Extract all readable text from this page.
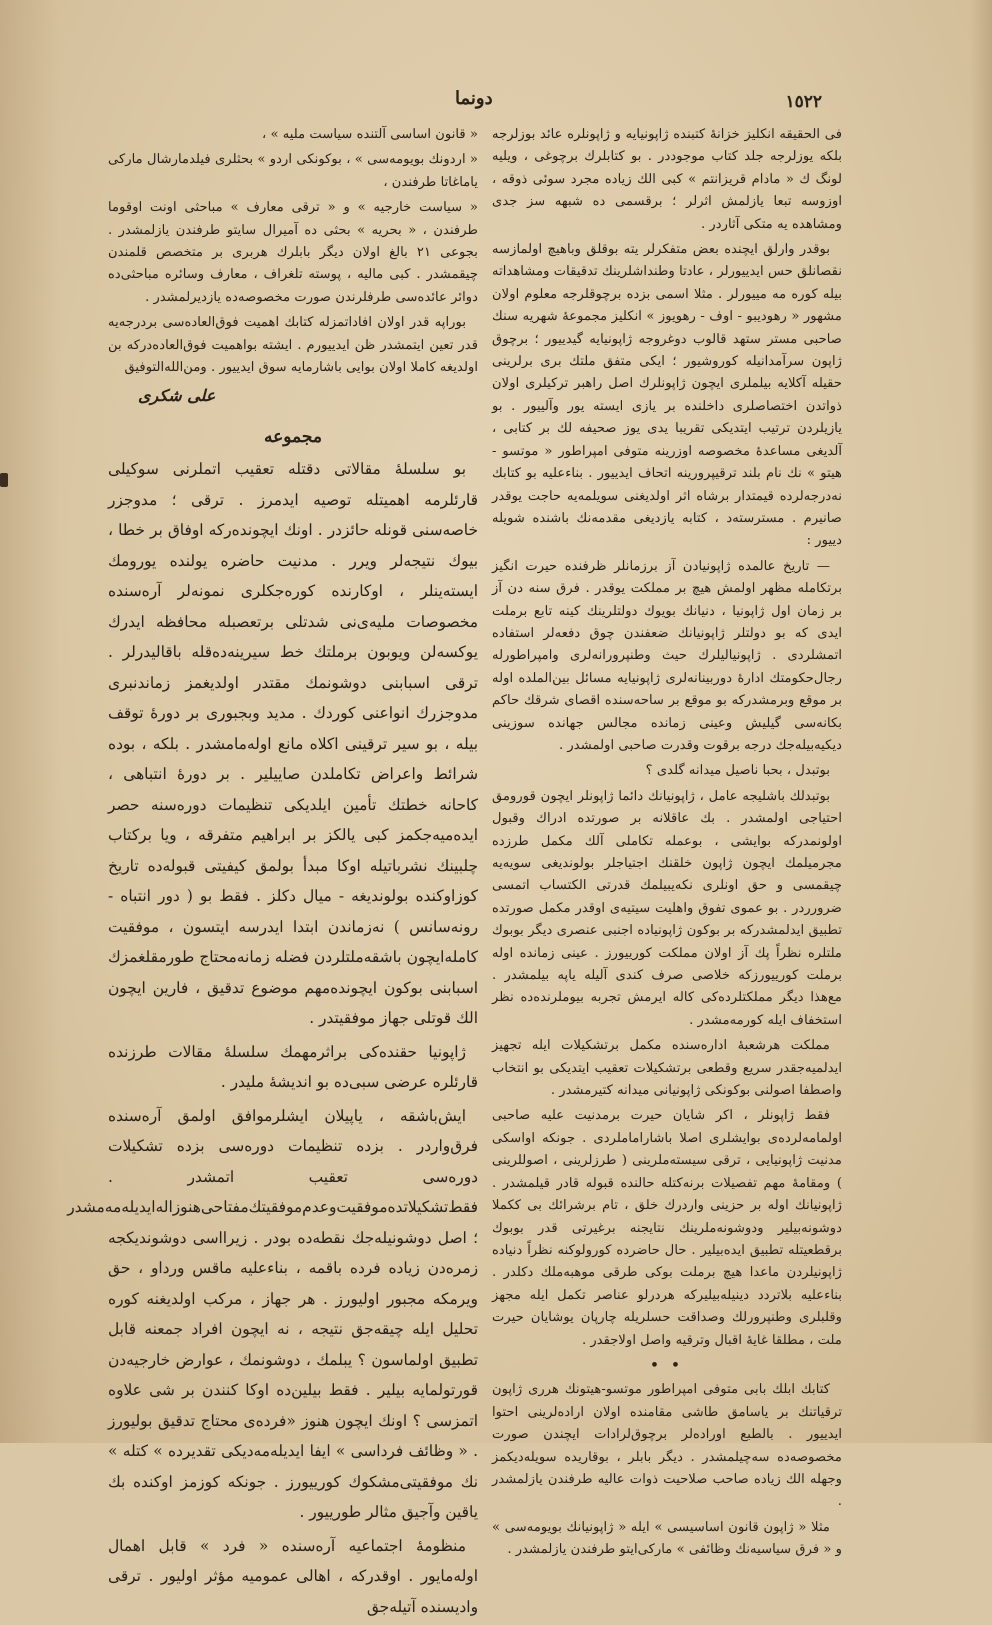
١٥٢٢
دونما

فى الحقیقه انكلیز خزانهٔ كتبنده ژاپونیایه و ژاپونلره عائد بوزلرجه بلكه یوزلرجه جلد كتاب موجوددر . بو كتابلرك برچوغی ، ویلیه لونگ ك « مادام قریزانتم » كبی الك زیاده مجرد سوئی ذوقه ، اوزوسه تبعا یازلمش اثرلر ؛ برقسمی ده شبهه سز جدی ومشاهده یه متكی آثاردر .

بوقدر وارلق ایچنده بعض متفكرلر یته بوقلق وباهیچ اولمازسه نقصانلق حس ایدییورلر ، عادتا وطنداشلرینك تدقیقات ومشاهداته بیله كوره مه مییورلر . مثلا اسمی بزده برچوقلرجه معلوم اولان مشهور « رهودیبو - اوف - رهویوز » انكلیز مجموعهٔ شهریه سنك صاحبی مستر ستهد قالوب دوغروجه ژاپونیایه گیدییور ؛ برچوق ژاپون سرآمدانیله كوروشیور ؛ ایكی متفق ملتك بری برلرینی حقیله آكلایه بیلملری ایچون ژاپونلرك اصل راهبر تركیلری اولان ذواتدن اختصاصلری داخلنده بر یازی ایسته یور وآلییور . بو یازیلردن ترتیب ایتدیكی تقریبا یدی یوز صحیفه لك بر كتابی ، آلدیغی مساعدهٔ مخصوصه اوزرینه متوفی امپراطور « موتسو - هیتو » نك نام بلند ترقیپرورینه اتحاف ایدییور . بناءعلیه بو كتابك نه‌درجه‌لرده قیمتدار برشاه اثر اولدیغنی سویلمه‌یه حاجت یوقدر صانیرم . مسترسته‌د ، كتابه یازدیغی مقدمه‌نك باشنده شویله دییور :

— تاریخ عالمده ژاپونیادن آز برزمانلر ظرفنده حیرت انگیز برتكامله مظهر اولمش هیچ بر مملكت یوقدر . فرق سنه دن آز بر زمان اول ژاپونیا ، دنیانك بویوك دولتلرینك كینه تابع برملت ایدی كه بو دولتلر ژاپونیانك ضعفندن چوق دفعه‌لر استفاده اتمشلردی . ژاپونیالیلرك حیث وطنپرورانه‌لری وامپراطورله رجال‌حكومتك ادارهٔ دوربینانه‌لری ژاپونیایه مسائل بین‌الملده اوله بر موقع وبرمشدركه بو موقع بر ساحه‌سنده اقصای شرقك حاكم بكانه‌سی گیلیش وعینی زمانده مجالس جهانده سوزینی دیكیه‌بیله‌جك درجه برقوت وقدرت صاحبی اولمشدر .

بوتبدل ، بحبا ناصیل میدانه گلدی ؟

بوتبدلك باشلیجه عامل ، ژاپونیانك دائما ژاپونلر ایچون قورومق احتیاجی اولمشدر . بك عاقلانه بر صورتده ادراك وقبول اولونمدركه بوایشی ، بوعمله تكاملی آلك مكمل طرزده مجرمیلمك ایچون ژاپون خلقنك اجتیاجلر بولوندیغی سویه‌یه چیقمسی و حق اونلری نكه‌یبیلمك قدرتی الكتساب اتمسی ضرورردر . بو عموی تفوق واهلیت سیتیه‌ی اوقدر مكمل صورتده تطبیق ایدلمشدركه بر بوكون ژاپونیاده اجنبی عنصری دیگر بوبوك ملتلره نظراً پك آز اولان مملكت كورییورز . عینی زمانده اوله برملت كورییورزكه خلاصی صرف كندی آلیله یاپه بیلمشدر . مع‌هذا دیگر مملكتلرده‌كی كاله ایرمش تجربه بیوملرنده‌ده نظر استخفاف ایله كورمه‌مشدر .

مملكت هرشعبهٔ اداره‌سنده مكمل برتشكیلات ایله تجهیز ایدلمیه‌جقدر سریع وقطعی برتشكیلات تعقیب ایتدیكی بو انتخاب واصطفا اصولنی بوكونكی ژاپونیانی میدانه كتیرمشدر .

فقط ژاپونلر ، اكر شایان حیرت برمدنیت علیه صاحبی اولمامه‌لرده‌ی بوایشلری اصلا باشاراماملردی . جونكه اواسكی مدنیت ژاپونیایی ، ترقی سیسته‌ملرینی ( طرزلرینی ، اصوللرینی ) ومقامهٔ مهم تفصیلات برنه‌كتله حالنده قبوله قادر قیلمشدر . ژاپونیانك اوله بر حزینی واردرك خلق ، تام برشرائك بی ككملا دوشونه‌بیلیر ودوشونه‌ملرینك نتایجنه برغیرتی قدر بوبوك برقطعیتله تطبیق ایده‌بیلیر . حال حاضرده كورولوكنه نظراً دنیاده ژاپونیلردن ماعدا هیچ برملت بوكی طرقی موهبه‌ملك دكلدر . بناءعلیه بلاتردد دینیله‌بیلیركه هردرلو عناصر تكمل ایله مجهز وقلبلری وطنپرورلك وصداقت حسلریله چارپان یوشایان حیرت ملت ، مطلقا غایهٔ اقبال وترقیه واصل اولاجقدر .

• •

كتابك ابلك بابی متوفی امپراطور موتسو-هیتونك هرری ژاپون ترقیاتنك بر یاسامق طاشی مقامنده اولان اراده‌لرینی احتوا ایدییور . بالطبع اوراده‌لر برچوق‌لرادات ایچندن صورت مخصوصه‌ده سه‌چیلمشدر . دیگر بابلر ، بوقاریده سویله‌دیكمز وجهله الك زیاده صاحب صلاحیت ذوات عالیه طرفندن یازلمشدر .

مثلا « ژاپون قانون اساسیسی » ایله « ژاپونیانك بویومه‌سی » و « فرق سیاسیه‌نك وظائفی » ماركی‌ایتو طرفندن یازلمشدر .

« قانون اساسی آلتنده سیاست ملیه » ،

« اردونك بویومه‌سی » ، بوكونكی اردو » بحثلری فیلدمارشال ماركی یاماغاتا طرفندن ،

« سیاست خارجیه » و « ترقی معارف » مباحثی اونت اوقوما طرفندن ، « بحریه » بحثی ده آمیرال سایتو طرفندن یازلمشدر . بجوعی ٢١ بالغ اولان دیگر بابلرك هربری بر متخصص قلمندن چیقمشدر . كبی مالیه ، پوسته تلغراف ، معارف وسائره مباحثی‌ده دوائر عائده‌سی طرفلرندن صورت مخصوصه‌ده یازدیرلمشدر .

بوراپه قدر اولان افاداتمزله كتابك اهمیت فوق‌العاده‌سی بردرجه‌یه قدر تعین ایتمشدر ظن ایدییورم . ایشته بواهمیت فوق‌العاده‌دركه بن اولدیغه كاملا اولان بوایی باشارمایه سوق ایدییور . ومن‌الله‌التوفیق

علی شكری
مجموعه

بو سلسلهٔ مقالاتی دقتله تعقیب اتملرنی سوكیلی قارئلرمه اهمیتله توصیه ایدمرز . ترقی ؛ مدوجزر خاصه‌سنی قونله حائزدر . اونك ایچونده‌ركه اوفاق بر خطا ، بیوك نتیجه‌لر ویرر . مدنیت حاضره یولنده یورومك ایسته‌ینلر ، اوكارنده كوره‌جكلری نمونه‌لر آره‌سنده مخصوصات ملیه‌ی‌نی شدتلی برتعصبله محافظه ایدرك یوكسه‌لن ویوبون برملتك خط سیرینه‌ده‌قله باقالیدرلر . ترقی اسبابنی دوشونمك مقتدر اولدیغمز زماندنبری مدوجزرك انواعنی كوردك . مدید وبجبوری بر دورهٔ توقف بیله ، بو سیر ترقینی اكلاه مانع اوله‌مامشدر . بلكه ، بوده شرائط واعراض تكاملدن صاییلیر . بر دورهٔ انتباهی ، كاحانه خطتك تأمین ایلدیكی تنظیمات دوره‌سنه حصر ایده‌میه‌جكمز كبی یالكز بر ابراهیم متفرقه ، ویا بركتاب چلبینك نشرباتیله اوكا مبدأ بولمق كیفیتی قبوله‌ده تاریخ كوزاوكنده بولوندیغه - میال دكلز . فقط بو ( دور انتباه - رونه‌سانس ) نه‌زماندن ابتدا ایدرسه ایتسون ، موفقیت كامله‌ایچون باشقه‌ملتلردن فضله زمانه‌محتاج طورمقلغمزك اسبابنی بوكون ایچونده‌مهم موضوع تدقیق ، فارین ایچون الك قوتلی جهاز موفقیتدر .

ژاپونیا حقنده‌كی براثرمهمك سلسلهٔ مقالات طرزنده قارئلره عرضی سبی‌ده بو اندیشهٔ ملیدر .

ایش‌باشقه ، یاپیلان ایشلرموافق اولمق آره‌سنده فرق‌واردر . بزده تنظیمات دوره‌سی بزده تشكیلات دوره‌سی تعقیب اتمشدر . فقط‌تشكیلاتده‌موفقیت‌وعدم‌موفقیتك‌مفتاحی‌هنوزاله‌ایدیله‌مه‌مشدر ؛ اصل دوشونیله‌جك نقطه‌ده بودر . زیرااسی دوشوندیكجه زمره‌دن زیاده فرده باقمه ، بناءعلیه ماقس ورداو ، حق ویرمكه مجبور اولیورز . هر جهاز ، مركب اولدیغنه كوره تحلیل ایله چیقه‌جق نتیجه‌ ، نه ایچون افراد جمعنه قابل تطبیق اولماسون ؟ یبلمك ، دوشونمك ، عوارض خارجیه‌دن قورتولمایه بیلیر . فقط بیلین‌ده اوكا كنندن بر شی علاوه اتمزسی ؟ اونك ایچون هنوز «فرده‌ی محتاج تدقیق بولیورز . « وظائف فرداسی » ایفا ایدیله‌مه‌دیكی تقدیرده » كتله » نك موفقیتی‌مشكوك كورییورز . جونكه كوزمز اوكنده بك یاقین وآجیق مثالر طورییور .

منظومهٔ اجتماعیه آره‌سنده « فرد » قابل اهمال اوله‌مایور . اوقدركه ، اهالی عمومیه مؤثر اولیور . ترقی وادیسنده آتیله‌جق
